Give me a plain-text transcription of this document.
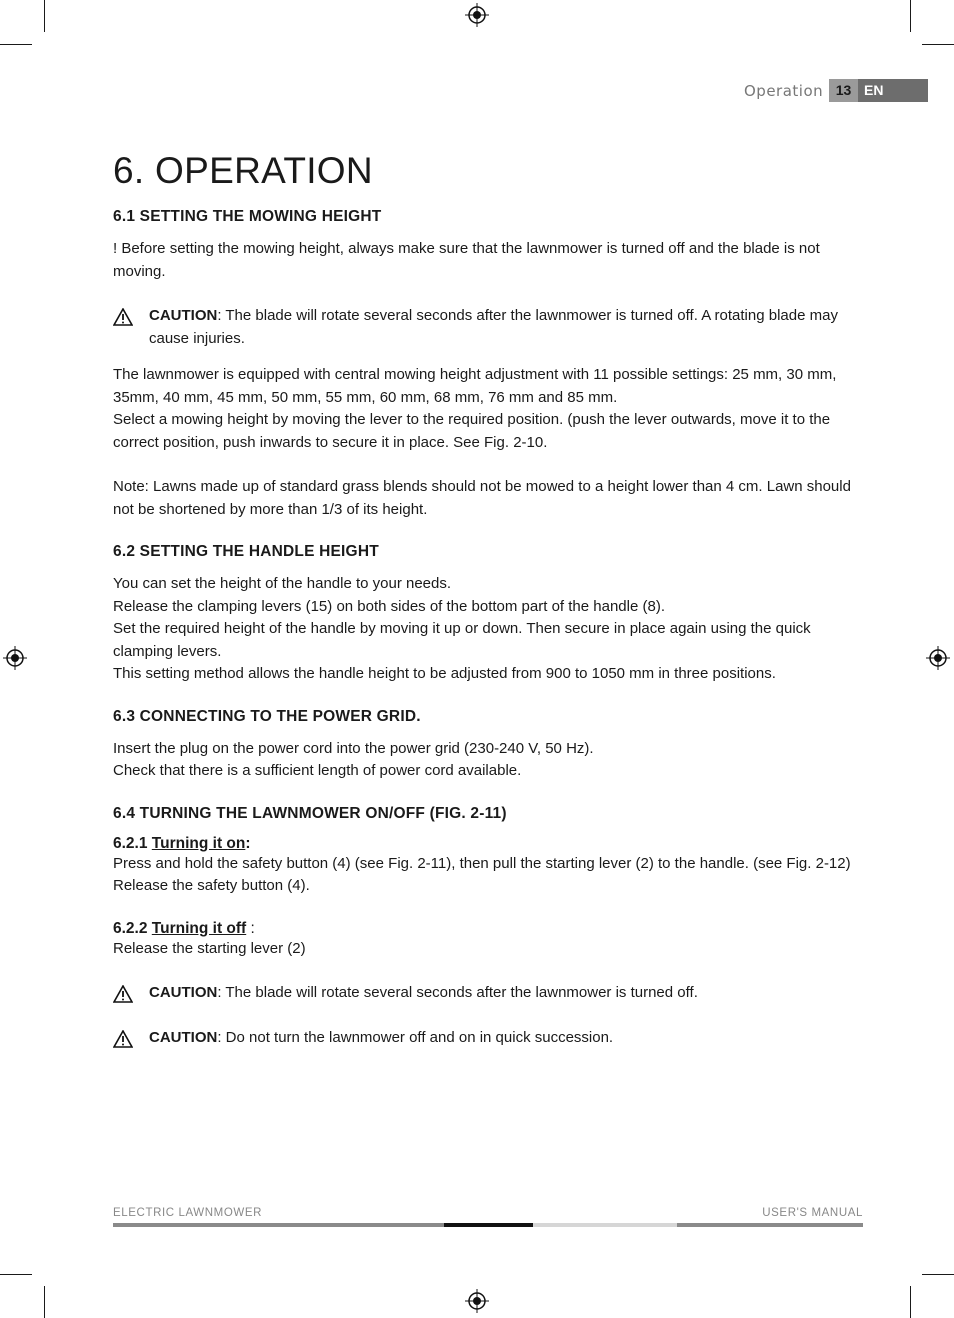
Operation 13 EN
6. OPERATION
6.1 SETTING THE MOWING HEIGHT

! Before setting the mowing height, always make sure that the lawnmower is turned off and the blade is not moving.

CAUTION: The blade will rotate several seconds after the lawnmower is turned off. A rotating blade may cause injuries.

The lawnmower is equipped with central mowing height adjustment with 11 possible settings: 25 mm, 30 mm, 35mm, 40 mm, 45 mm, 50 mm, 55 mm, 60 mm, 68 mm, 76 mm and 85 mm.

Select a mowing height by moving the lever to the required position. (push the lever outwards, move it to the correct position, push inwards to secure it in place. See Fig. 2-10.

Note: Lawns made up of standard grass blends should not be mowed to a height lower than 4 cm. Lawn should not be shortened by more than 1/3 of its height.

6.2 SETTING THE HANDLE HEIGHT

You can set the height of the handle to your needs.

Release the clamping levers (15) on both sides of the bottom part of the handle (8).

Set the required height of the handle by moving it up or down. Then secure in place again using the quick clamping levers.

This setting method allows the handle height to be adjusted from 900 to 1050 mm in three positions.

6.3 CONNECTING TO THE POWER GRID.

Insert the plug on the power cord into the power grid (230-240 V, 50 Hz).

Check that there is a sufficient length of power cord available.

6.4 TURNING THE LAWNMOWER ON/OFF (FIG. 2-11)
6.2.1 Turning it on:

Press and hold the safety button (4) (see Fig. 2-11), then pull the starting lever (2) to the handle. (see Fig. 2-12)

Release the safety button (4).

6.2.2 Turning it off :

Release the starting lever (2)

CAUTION: The blade will rotate several seconds after the lawnmower is turned off.
CAUTION: Do not turn the lawnmower off and on in quick succession.
ELECTRIC LAWNMOWER	USER'S MANUAL
